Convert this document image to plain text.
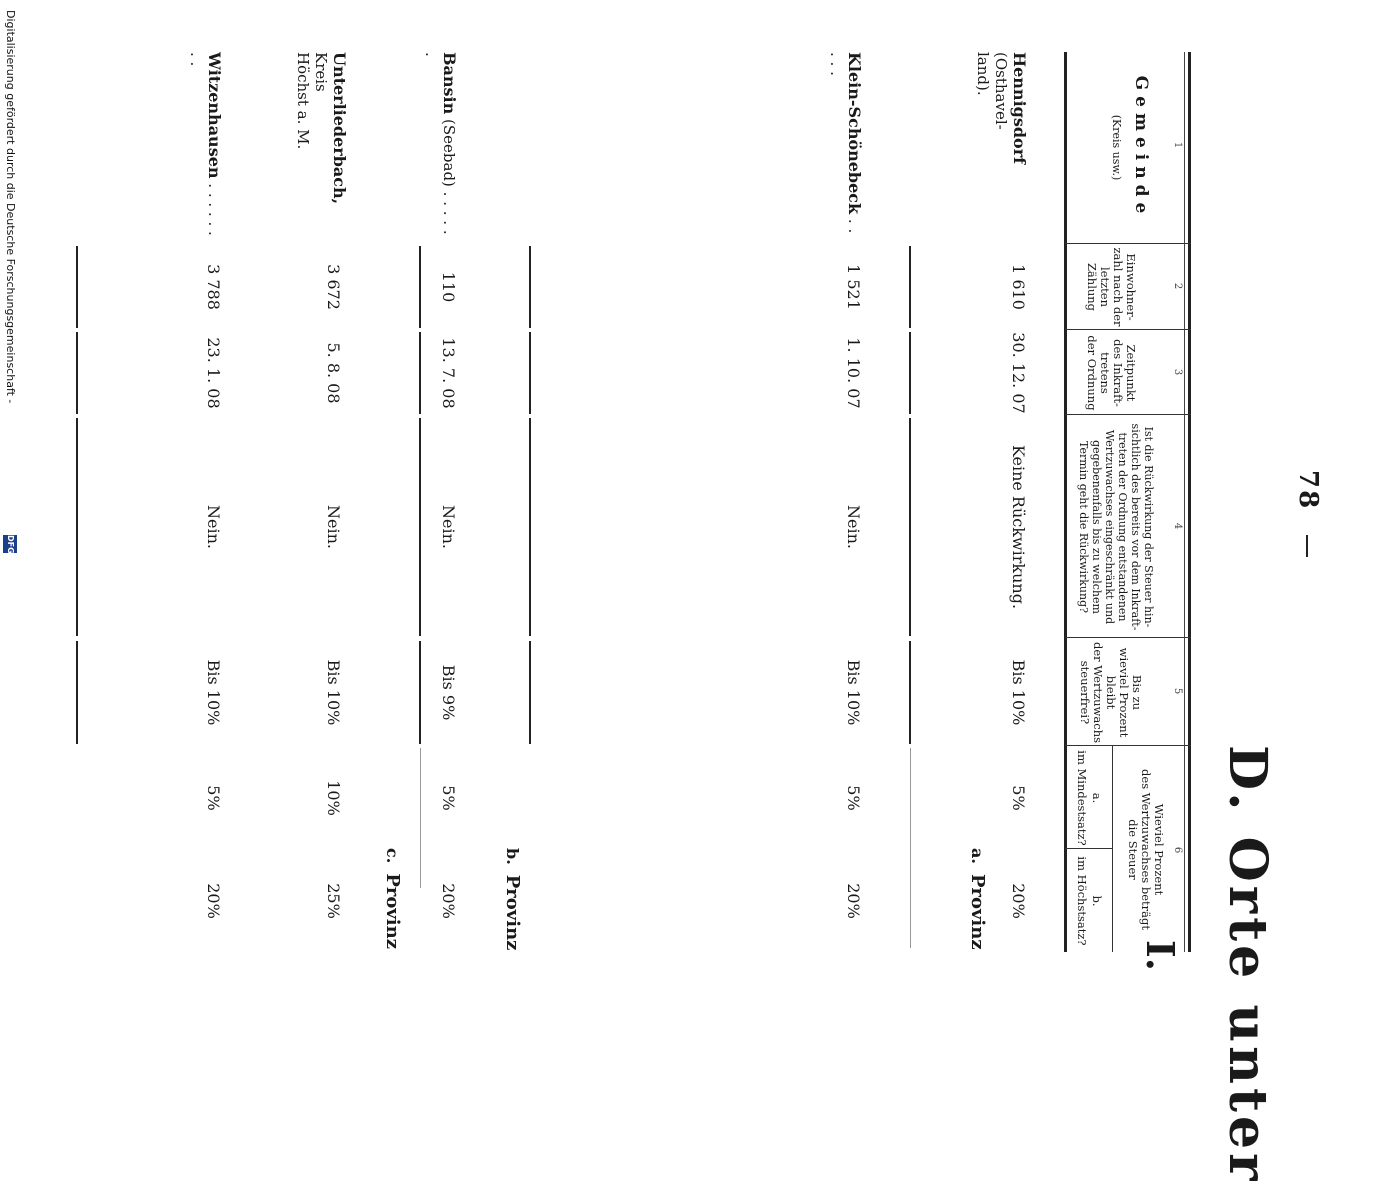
78
D. Orte unter
I.
1
2
3
4
5
6
Gemeinde
(Kreis usw.)
Einwohner-
zahl nach der
letzten
Zählung
Zeitpunkt
des Inkraft-
tretens
der Ordnung
Ist die Rückwirkung der Steuer hin-
sichtlich des bereits vor dem Inkraft-
treten der Ordnung entstandenen
Wertzuwachses eingeschränkt und
gegebenenfalls bis zu welchem
Termin geht die Rückwirkung?
Bis zu
wieviel Prozent
bleibt
der Wertzuwachs
steuerfrei?
Wieviel Prozent
des Wertzuwachses beträgt
die Steuer
a.
im Mindestsatz?
b.
im Höchstsatz?
a.Provinz
Hennigsdorf (Osthavel-
land).
1 610
30. 12. 07
Keine Rückwirkung.
Bis 10%
5%
20%
Klein-Schönebeck . . . . .
1 521
1. 10. 07
Nein.
Bis 10%
5%
20%
b.Provinz
Bansin (Seebad) . . . . . .
110
13. 7. 08
Nein.
Bis 9%
5%
20%
c.Provinz
Unterliederbach, Kreis
Höchst a. M.
3 672
5. 8. 08
Nein.
Bis 10%
10%
25%
Witzenhausen . . . . . . . .
3 788
23. 1. 08
Nein.
Bis 10%
5%
20%
Digitalisierung gefördert durch die Deutsche Forschungsgemeinschaft -
DFG
